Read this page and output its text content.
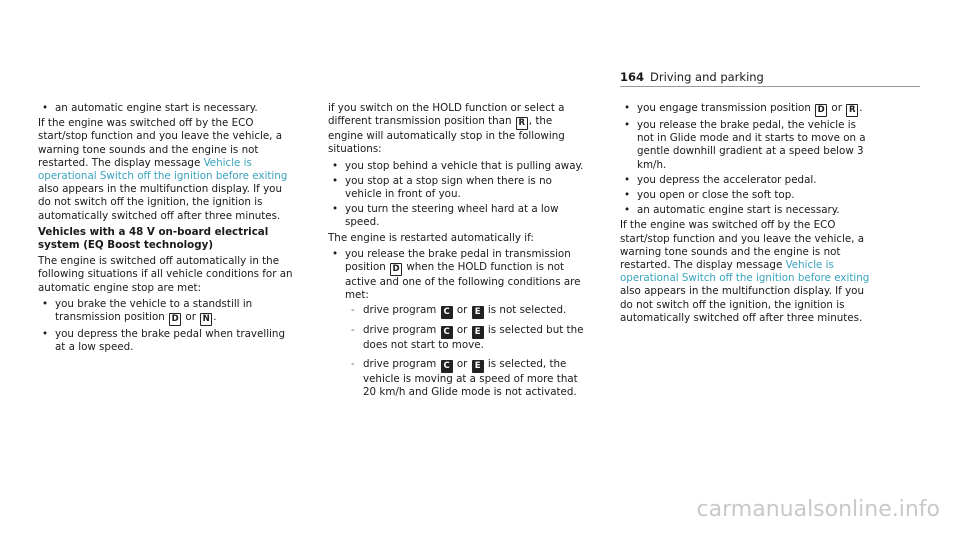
164 Driving and parking
• an automatic engine start is necessary.

If the engine was switched off by the ECO start/stop function and you leave the vehicle, a warning tone sounds and the engine is not restarted. The display message Vehicle is operational Switch off the ignition before exiting also appears in the multifunction display. If you do not switch off the ignition, the ignition is automatically switched off after three minutes.

Vehicles with a 48 V on-board electrical system (EQ Boost technology)

The engine is switched off automatically in the following situations if all vehicle conditions for an automatic engine stop are met:

• you brake the vehicle to a standstill in transmission position D or N .
• you depress the brake pedal when travelling at a low speed.

if you switch on the HOLD function or select a different transmission position than R , the engine will automatically stop in the following situations:

• you stop behind a vehicle that is pulling away.
• you stop at a stop sign when there is no vehicle in front of you.
• you turn the steering wheel hard at a low speed.

The engine is restarted automatically if:

• you release the brake pedal in transmission position D when the HOLD function is not active and one of the following conditions are met:
- drive program C or E is not selected.
- drive program C or E is selected but the does not start to move.
- drive program C or E is selected, the vehicle is moving at a speed of more that 20 km/h and Glide mode is not activated.
• you engage transmission position D or R .
• you release the brake pedal, the vehicle is not in Glide mode and it starts to move on a gentle downhill gradient at a speed below 3 km/h.
• you depress the accelerator pedal.
• you open or close the soft top.
• an automatic engine start is necessary.

If the engine was switched off by the ECO start/stop function and you leave the vehicle, a warning tone sounds and the engine is not restarted. The display message Vehicle is operational Switch off the ignition before exiting also appears in the multifunction display. If you do not switch off the ignition, the ignition is automatically switched off after three minutes.

carmanualsonline.info
